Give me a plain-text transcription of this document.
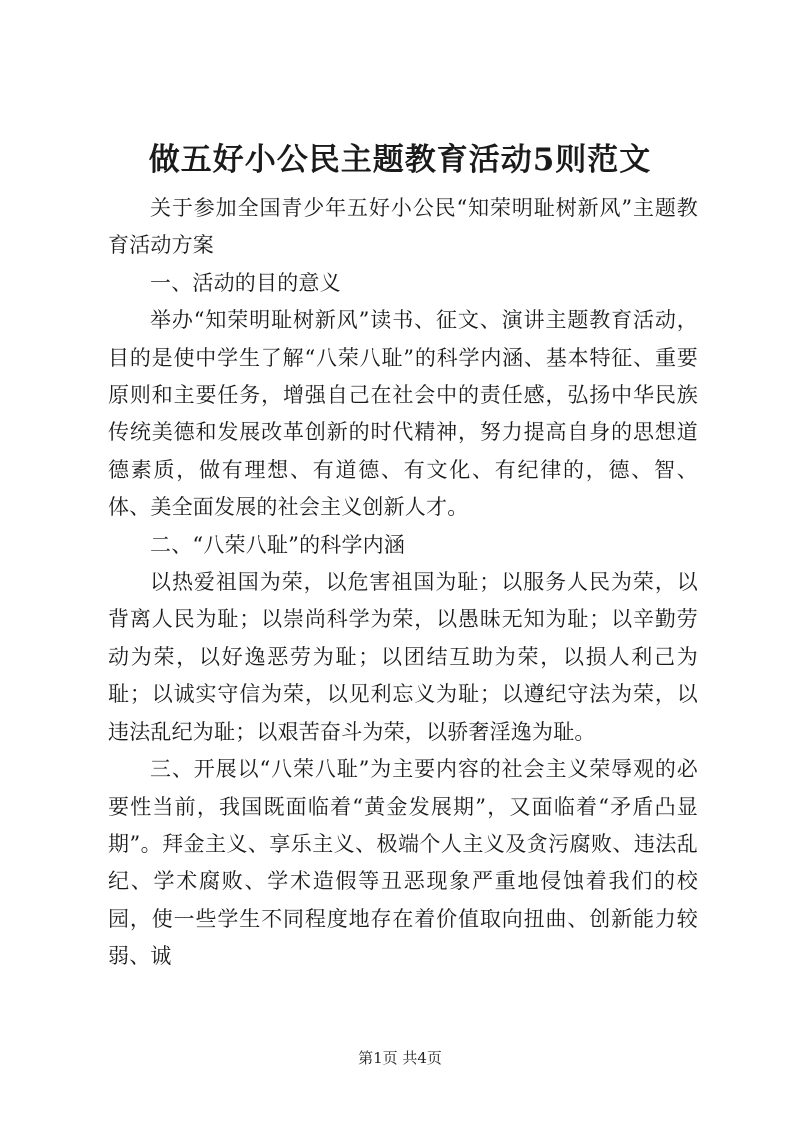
做五好小公民主题教育活动5则范文

关于参加全国青少年五好小公民“知荣明耻树新风”主题教育活动方案

一、活动的目的意义

举办“知荣明耻树新风”读书、征文、演讲主题教育活动，目的是使中学生了解“八荣八耻”的科学内涵、基本特征、重要原则和主要任务，增强自己在社会中的责任感，弘扬中华民族传统美德和发展改革创新的时代精神，努力提高自身的思想道德素质，做有理想、有道德、有文化、有纪律的，德、智、体、美全面发展的社会主义创新人才。

二、“八荣八耻”的科学内涵

以热爱祖国为荣，以危害祖国为耻；以服务人民为荣，以背离人民为耻；以崇尚科学为荣，以愚昧无知为耻；以辛勤劳动为荣，以好逸恶劳为耻；以团结互助为荣，以损人利己为耻；以诚实守信为荣，以见利忘义为耻；以遵纪守法为荣，以违法乱纪为耻；以艰苦奋斗为荣，以骄奢淫逸为耻。

三、开展以“八荣八耻”为主要内容的社会主义荣辱观的必要性当前，我国既面临着“黄金发展期”，又面临着“矛盾凸显期”。拜金主义、享乐主义、极端个人主义及贪污腐败、违法乱纪、学术腐败、学术造假等丑恶现象严重地侵蚀着我们的校园，使一些学生不同程度地存在着价值取向扭曲、创新能力较弱、诚

第1页 共4页
